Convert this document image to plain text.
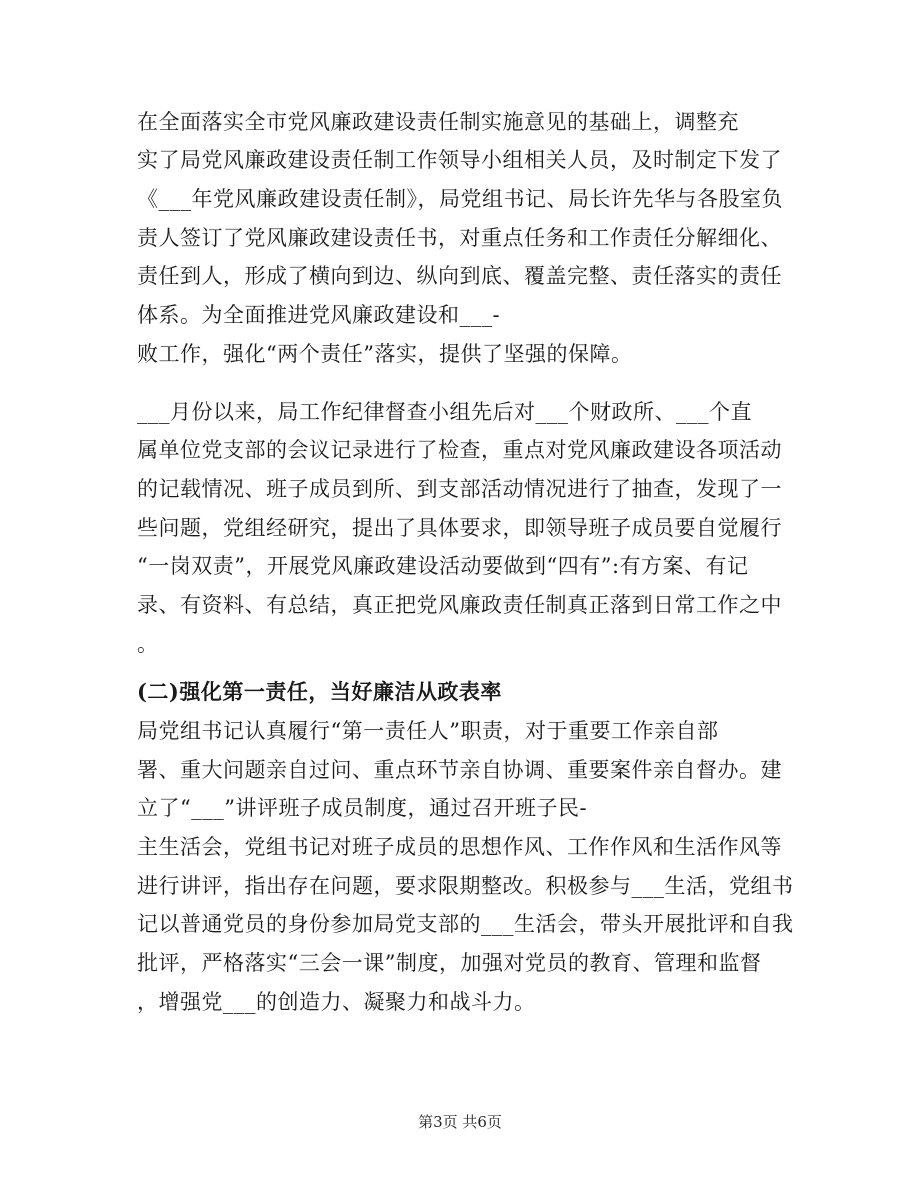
在全面落实全市党风廉政建设责任制实施意见的基础上，调整充
实了局党风廉政建设责任制工作领导小组相关人员，及时制定下发了
《___年党风廉政建设责任制》，局党组书记、局长许先华与各股室负
责人签订了党风廉政建设责任书，对重点任务和工作责任分解细化、
责任到人，形成了横向到边、纵向到底、覆盖完整、责任落实的责任
体系。为全面推进党风廉政建设和___-
败工作，强化“两个责任”落实，提供了坚强的保障。
___月份以来，局工作纪律督查小组先后对___个财政所、___个直
属单位党支部的会议记录进行了检查，重点对党风廉政建设各项活动
的记载情况、班子成员到所、到支部活动情况进行了抽查，发现了一
些问题，党组经研究，提出了具体要求，即领导班子成员要自觉履行
“一岗双责”，开展党风廉政建设活动要做到“四有”:有方案、有记
录、有资料、有总结，真正把党风廉政责任制真正落到日常工作之中
。
(二)强化第一责任，当好廉洁从政表率
局党组书记认真履行“第一责任人”职责，对于重要工作亲自部
署、重大问题亲自过问、重点环节亲自协调、重要案件亲自督办。建
立了“___”讲评班子成员制度，通过召开班子民-
主生活会，党组书记对班子成员的思想作风、工作作风和生活作风等
进行讲评，指出存在问题，要求限期整改。积极参与___生活，党组书
记以普通党员的身份参加局党支部的___生活会，带头开展批评和自我
批评，严格落实“三会一课”制度，加强对党员的教育、管理和监督
，增强党___的创造力、凝聚力和战斗力。
第3页 共6页
